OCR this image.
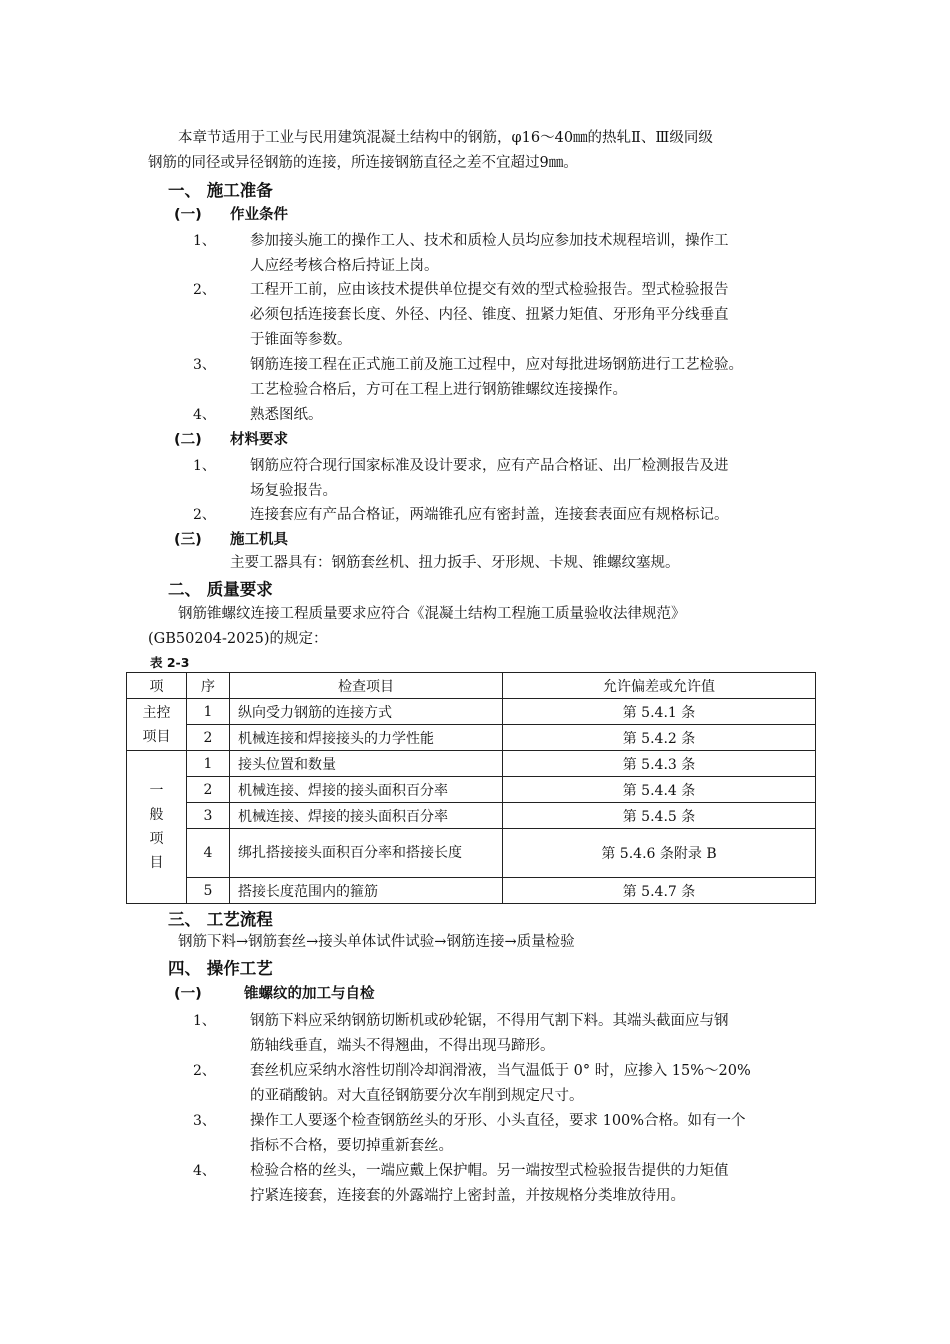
本章节适用于工业与民用建筑混凝土结构中的钢筋，φ16～40㎜的热轧Ⅱ、Ⅲ级同级
钢筋的同径或异径钢筋的连接，所连接钢筋直径之差不宜超过9㎜。
一、 施工准备
(一) 作业条件
1、 参加接头施工的操作工人、技术和质检人员均应参加技术规程培训，操作工
人应经考核合格后持证上岗。
2、 工程开工前，应由该技术提供单位提交有效的型式检验报告。型式检验报告
必须包括连接套长度、外径、内径、锥度、扭紧力矩值、牙形角平分线垂直
于锥面等参数。
3、 钢筋连接工程在正式施工前及施工过程中，应对每批进场钢筋进行工艺检验。
工艺检验合格后，方可在工程上进行钢筋锥螺纹连接操作。
4、 熟悉图纸。
(二) 材料要求
1、 钢筋应符合现行国家标准及设计要求，应有产品合格证、出厂检测报告及进
场复验报告。
2、 连接套应有产品合格证，两端锥孔应有密封盖，连接套表面应有规格标记。
(三) 施工机具
主要工器具有：钢筋套丝机、扭力扳手、牙形规、卡规、锥螺纹塞规。
二、 质量要求
钢筋锥螺纹连接工程质量要求应符合《混凝土结构工程施工质量验收法律规范》
(GB50204-2025)的规定：
表 2-3
项	序	检查项目	允许偏差或允许值

主控
项目	1	纵向受力钢筋的连接方式	第 5.4.1 条
	2	机械连接和焊接接头的力学性能	第 5.4.2 条

一
般
项
目	1	接头位置和数量	第 5.4.3 条
	2	机械连接、焊接的接头面积百分率	第 5.4.4 条
	3	机械连接、焊接的接头面积百分率	第 5.4.5 条
	4	绑扎搭接接头面积百分率和搭接长度	第 5.4.6 条附录 B
	5	搭接长度范围内的箍筋	第 5.4.7 条
三、 工艺流程
钢筋下料→钢筋套丝→接头单体试件试验→钢筋连接→质量检验
四、 操作工艺
(一)	锥螺纹的加工与自检
1、 钢筋下料应采纳钢筋切断机或砂轮锯，不得用气割下料。其端头截面应与钢
筋轴线垂直，端头不得翘曲，不得出现马蹄形。
2、 套丝机应采纳水溶性切削冷却润滑液，当气温低于 0° 时，应掺入 15%～20%
的亚硝酸钠。对大直径钢筋要分次车削到规定尺寸。
3、 操作工人要逐个检查钢筋丝头的牙形、小头直径，要求 100%合格。如有一个
指标不合格，要切掉重新套丝。
4、 检验合格的丝头，一端应戴上保护帽。另一端按型式检验报告提供的力矩值
拧紧连接套，连接套的外露端拧上密封盖，并按规格分类堆放待用。
